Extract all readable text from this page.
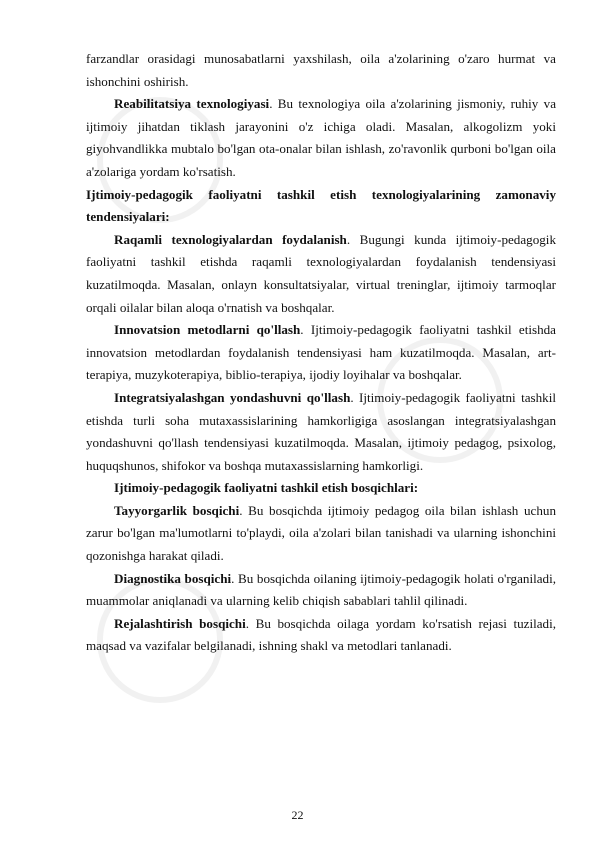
farzandlar orasidagi munosabatlarni yaxshilash, oila a'zolarining o'zaro hurmat va ishonchini oshirish.

Reabilitatsiya texnologiyasi. Bu texnologiya oila a'zolarining jismoniy, ruhiy va ijtimoiy jihatdan tiklash jarayonini o'z ichiga oladi. Masalan, alkogolizm yoki giyohvandlikka mubtalo bo'lgan ota-onalar bilan ishlash, zo'ravonlik qurboni bo'lgan oila a'zolariga yordam ko'rsatish.

Ijtimoiy-pedagogik faoliyatni tashkil etish texnologiyalarining zamonaviy tendensiyalari:

Raqamli texnologiyalardan foydalanish. Bugungi kunda ijtimoiy-pedagogik faoliyatni tashkil etishda raqamli texnologiyalardan foydalanish tendensiyasi kuzatilmoqda. Masalan, onlayn konsultatsiyalar, virtual treninglar, ijtimoiy tarmoqlar orqali oilalar bilan aloqa o'rnatish va boshqalar.

Innovatsion metodlarni qo'llash. Ijtimoiy-pedagogik faoliyatni tashkil etishda innovatsion metodlardan foydalanish tendensiyasi ham kuzatilmoqda. Masalan, art-terapiya, muzykoterapiya, biblio-terapiya, ijodiy loyihalar va boshqalar.

Integratsiyalashgan yondashuvni qo'llash. Ijtimoiy-pedagogik faoliyatni tashkil etishda turli soha mutaxassislarining hamkorligiga asoslangan integratsiyalashgan yondashuvni qo'llash tendensiyasi kuzatilmoqda. Masalan, ijtimoiy pedagog, psixolog, huquqshunos, shifokor va boshqa mutaxassislarning hamkorligi.

Ijtimoiy-pedagogik faoliyatni tashkil etish bosqichlari:

Tayyorgarlik bosqichi. Bu bosqichda ijtimoiy pedagog oila bilan ishlash uchun zarur bo'lgan ma'lumotlarni to'playdi, oila a'zolari bilan tanishadi va ularning ishonchini qozonishga harakat qiladi.

Diagnostika bosqichi. Bu bosqichda oilaning ijtimoiy-pedagogik holati o'rganiladi, muammolar aniqlanadi va ularning kelib chiqish sabablari tahlil qilinadi.

Rejalashtirish bosqichi. Bu bosqichda oilaga yordam ko'rsatish rejasi tuziladi, maqsad va vazifalar belgilanadi, ishning shakl va metodlari tanlanadi.

22
